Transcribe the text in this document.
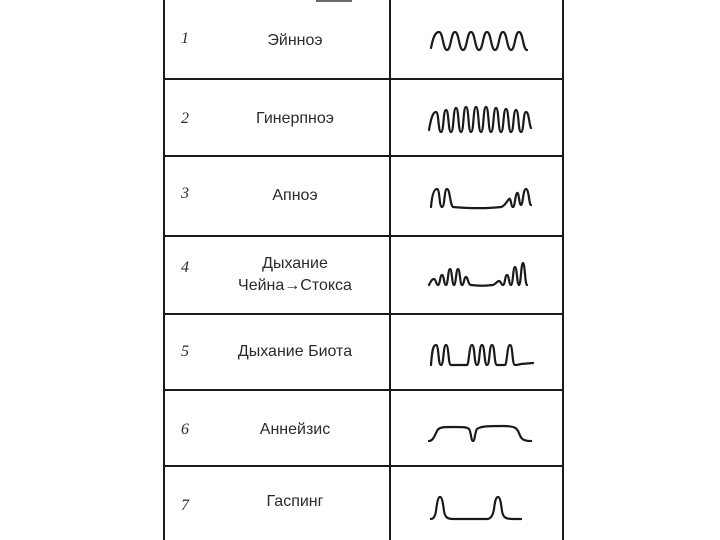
1	Эйнноэ
2	Гинерпноэ
3	Апноэ
4	Дыхание
Чейна→Стокса
5	Дыхание Биота
6	Аннейзис
7	Гаспинг
